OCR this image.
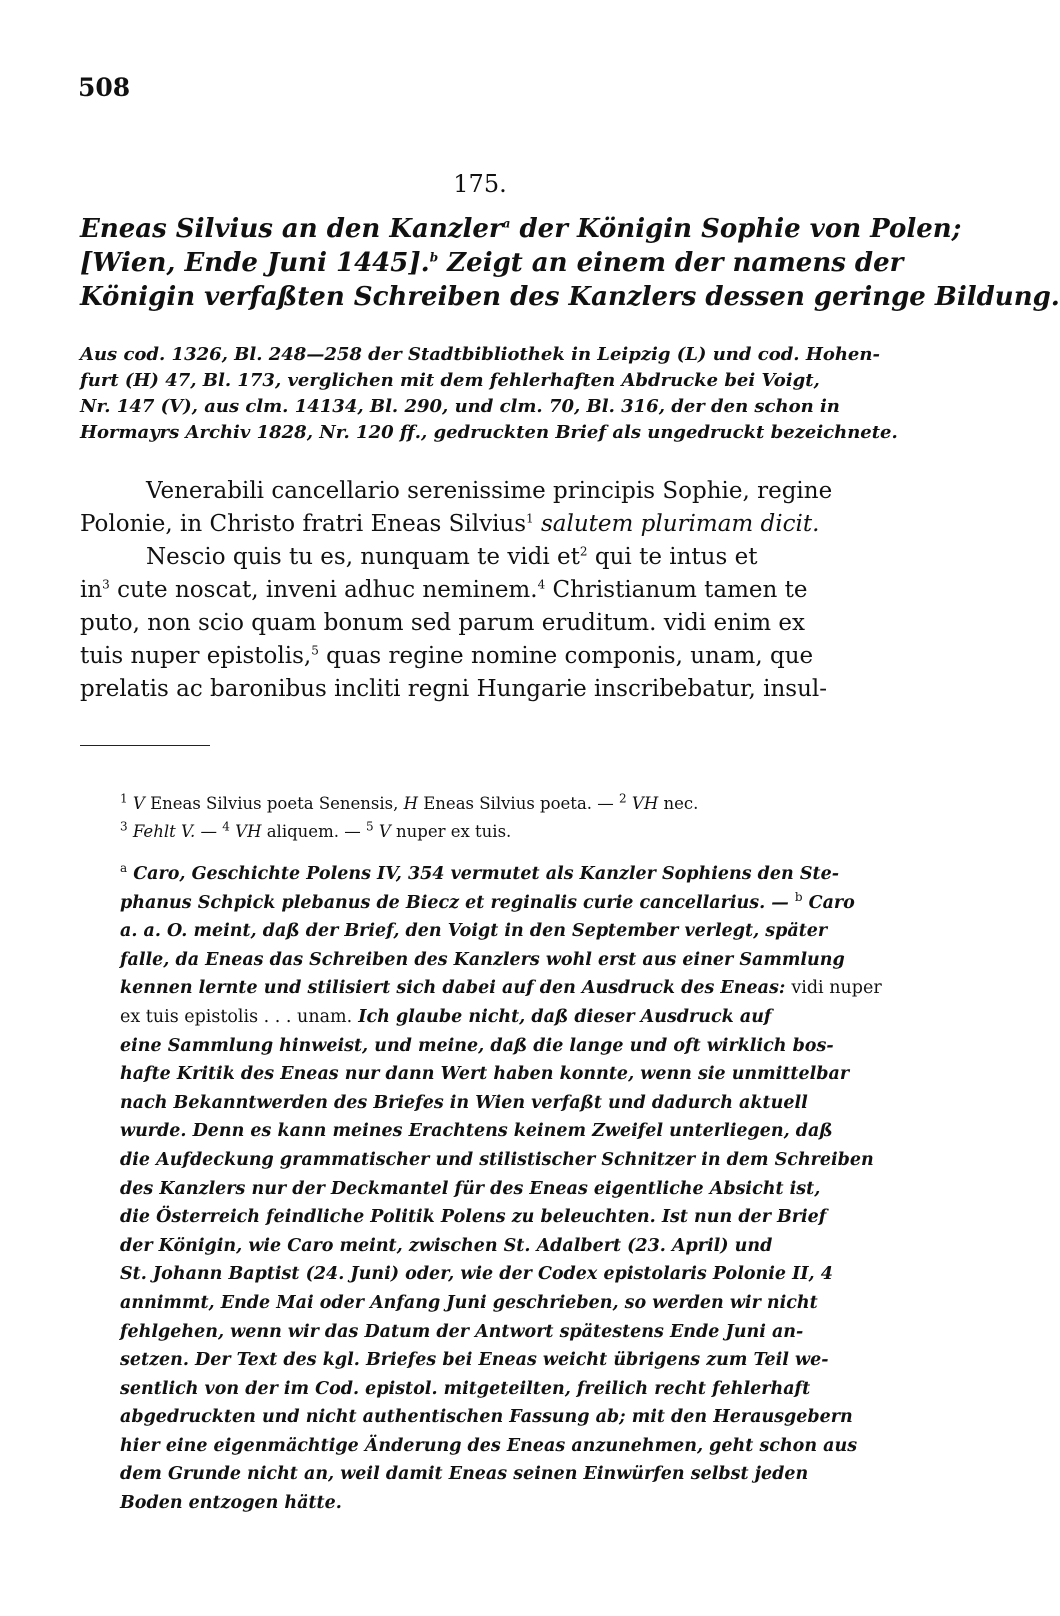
508
175.
Eneas Silvius an den Kanzler$^a$ der Königin Sophie von Polen;
[Wien, Ende Juni 1445].$^b$ Zeigt an einem der namens der
Königin verfaßten Schreiben des Kanzlers dessen geringe Bildung.
Aus cod. 1326, Bl. 248—258 der Stadtbibliothek in Leipzig (L) und cod. Hohen-
furt (H) 47, Bl. 173, verglichen mit dem fehlerhaften Abdrucke bei Voigt,
Nr. 147 (V), aus clm. 14134, Bl. 290, und clm. 70, Bl. 316, der den schon in
Hormayrs Archiv 1828, Nr. 120 ff., gedruckten Brief als ungedruckt bezeichnete.
Venerabili cancellario serenissime principis Sophie, regine
Polonie, in Christo fratri Eneas Silvius$^1$ salutem plurimam dicit.
Nescio quis tu es, nunquam te vidi $et^2$ qui te intus et
$in^3$ cute noscat, inveni adhuc neminem.$^4$ Christianum tamen te
puto, non scio quam bonum sed parum eruditum. vidi enim ex
tuis nuper epistolis,$^5$ quas regine nomine componis, unam, que
prelatis ac baronibus incliti regni Hungarie inscribebatur, insul-
$^1$ V Eneas Silvius poeta Senensis, H Eneas Silvius poeta. — $^2$ VH nec.
$^3$ Fehlt V. — $^4$ VH aliquem. — $^5$ V nuper ex tuis.
$^a$ Caro, Geschichte Polens IV, 354 vermutet als Kanzler Sophiens den Ste-
phanus Schpick plebanus de Biecz et reginalis curie cancellarius. — $^b$ Caro
a. a. O. meint, daß der Brief, den Voigt in den September verlegt, später
falle, da Eneas das Schreiben des Kanzlers wohl erst aus einer Sammlung
kennen lernte und stilisiert sich dabei auf den Ausdruck des Eneas: vidi nuper
ex tuis epistolis . . . unam. Ich glaube nicht, daß dieser Ausdruck auf
eine Sammlung hinweist, und meine, daß die lange und oft wirklich bos-
hafte Kritik des Eneas nur dann Wert haben konnte, wenn sie unmittelbar
nach Bekanntwerden des Briefes in Wien verfaßt und dadurch aktuell
wurde. Denn es kann meines Erachtens keinem Zweifel unterliegen, daß
die Aufdeckung grammatischer und stilistischer Schnitzer in dem Schreiben
des Kanzlers nur der Deckmantel für des Eneas eigentliche Absicht ist,
die Österreich feindliche Politik Polens zu beleuchten. Ist nun der Brief
der Königin, wie Caro meint, zwischen St. Adalbert (23. April) und
St. Johann Baptist (24. Juni) oder, wie der Codex epistolaris Polonie II, 4
annimmt, Ende Mai oder Anfang Juni geschrieben, so werden wir nicht
fehlgehen, wenn wir das Datum der Antwort spätestens Ende Juni an-
setzen. Der Text des kgl. Briefes bei Eneas weicht übrigens zum Teil we-
sentlich von der im Cod. epistol. mitgeteilten, freilich recht fehlerhaft
abgedruckten und nicht authentischen Fassung ab; mit den Herausgebern
hier eine eigenmächtige Änderung des Eneas anzunehmen, geht schon aus
dem Grunde nicht an, weil damit Eneas seinen Einwürfen selbst jeden
Boden entzogen hätte.
